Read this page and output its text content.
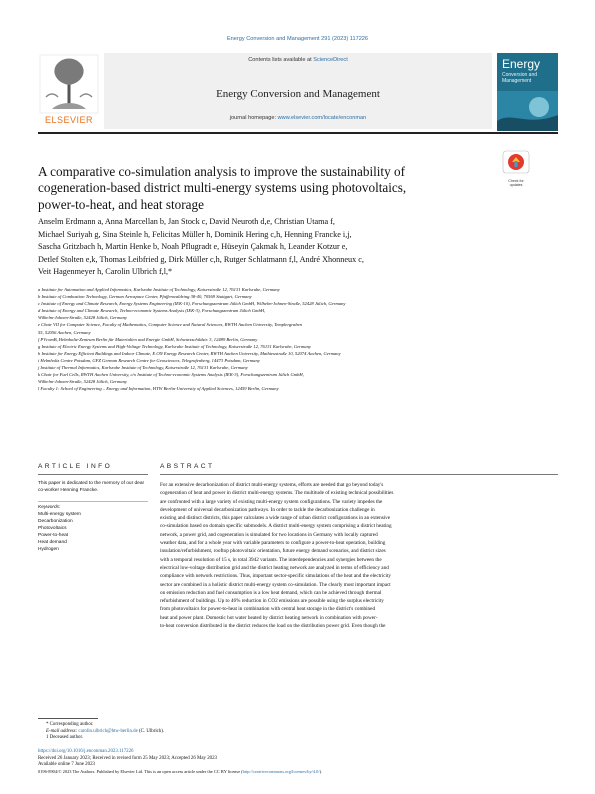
Energy Conversion and Management 291 (2023) 117226
ELSEVIER
Contents lists available at ScienceDirect
Energy Conversion and Management
journal homepage: www.elsevier.com/locate/enconman
Energy
Conversion and Management
A comparative co-simulation analysis to improve the sustainability of
cogeneration-based district multi-energy systems using photovoltaics,
power-to-heat, and heat storage
Check for
updates
Anselm Erdmann a, Anna Marcellan b, Jan Stock c, David Neuroth d,e, Christian Utama f,
Michael Suriyah g, Sina Steinle h, Felicitas Müller h, Dominik Hering c,h, Henning Francke i,j,
Sascha Gritzbach h, Martin Henke b, Noah Pflugradt e, Hüseyin Çakmak h, Leander Kotzur e,
Detlef Stolten e,k, Thomas Leibfried g, Dirk Müller c,h, Rutger Schlatmann f,l, André Xhonneux c,
Veit Hagenmeyer h, Carolin Ulbrich f,l,*
a Institute for Automation and Applied Informatics, Karlsruhe Institute of Technology, Kaiserstraße 12, 76131 Karlsruhe, Germany
b Institute of Combustion Technology, German Aerospace Center, Pfaffenwaldring 38-40, 70569 Stuttgart, Germany
c Institute of Energy and Climate Research, Energy Systems Engineering (IEK-10), Forschungszentrum Jülich GmbH, Wilhelm-Johnen-Straße, 52428 Jülich, Germany
d Institute of Energy and Climate Research, Techno-economic Systems Analysis (IEK-3), Forschungszentrum Jülich GmbH,
Wilhelm-Johnen-Straße, 52428 Jülich, Germany
e Chair VII for Computer Science, Faculty of Mathematics, Computer Science and Natural Sciences, RWTH Aachen University, Templergraben
55, 52056 Aachen, Germany
f PVcomB, Helmholtz-Zentrum Berlin für Materialien und Energie GmbH, Schwarzschildstr. 3, 12489 Berlin, Germany
g Institute of Electric Energy Systems and High-Voltage Technology, Karlsruhe Institute of Technology, Kaiserstraße 12, 76131 Karlsruhe, Germany
h Institute for Energy Efficient Buildings and Indoor Climate, E.ON Energy Research Center, RWTH Aachen University, Mathieustraße 10, 52074 Aachen, Germany
i Helmholtz Centre Potsdam, GFZ German Research Centre for Geosciences, Telegrafenberg, 14473 Potsdam, Germany
j Institute of Thermal Informatics, Karlsruhe Institute of Technology, Kaiserstraße 12, 76131 Karlsruhe, Germany
k Chair for Fuel Cells, RWTH Aachen University, c/o Institute of Techno-economic Systems Analysis (IEK-3), Forschungszentrum Jülich GmbH,
Wilhelm-Johnen-Straße, 52428 Jülich, Germany
l Faculty 1: School of Engineering – Energy and Information, HTW Berlin-University of Applied Sciences, 12459 Berlin, Germany
ARTICLE INFO	ABSTRACT
This paper is dedicated to the memory of our dear co-worker Henning Francke.
Keywords:
Multi-energy system
Decarbonization
Photovoltaics
Power-to-heat
Heat demand
Hydrogen
For an extensive decarbonization of district multi-energy systems, efforts are needed that go beyond today's
cogeneration of heat and power in district multi-energy systems. The multitude of existing technical possibilities
are confronted with a large variety of existing multi-energy system configurations. The variety impedes the
development of universal decarbonization pathways. In order to tackle the decarbonization challenge in
existing and distinct districts, this paper calculates a wide range of urban district configurations in an extensive
co-simulation based on domain specific submodels. A district multi-energy system comprising a district heating
network, a power grid, and cogeneration is simulated for two locations in Germany with locally captured
weather data, and for a whole year with variable parameters to configure a power-to-heat operation, building
insulation/refurbishment, rooftop photovoltaic orientation, future energy demand scenarios, and district sizes
with a temporal resolution of 15 s, in total 3942 variants. The interdependencies and synergies between the
electrical low-voltage distribution grid and the district heating network are analyzed in terms of efficiency and
compliance with network restrictions. Thus, important sector-specific simulations of the heat and the electricity
sector are combined in a holistic district multi-energy system co-simulation. The clearly most important impact
on emission reduction and fuel consumption is a low heat demand, which can be achieved through thermal
refurbishment of buildings. Up to 46% reduction in CO2 emissions are possible using the surplus electricity
from photovoltaics for power-to-heat in combination with central heat storage in the district's combined
heat and power plant. Domestic hot water heated by district heating network in combination with power-
to-heat conversion distributed in the district reduces the load on the distribution power grid. Even though the
* Corresponding author.
E-mail address: carolin.ulbrich@htw-berlin.de (C. Ulbrich).
1 Deceased author.
https://doi.org/10.1016/j.enconman.2023.117226
Received 26 January 2023; Received in revised form 25 May 2023; Accepted 26 May 2023
Available online 7 June 2023
0196-8904/© 2023 The Authors. Published by Elsevier Ltd. This is an open access article under the CC BY license (http://creativecommons.org/licenses/by/4.0/).
